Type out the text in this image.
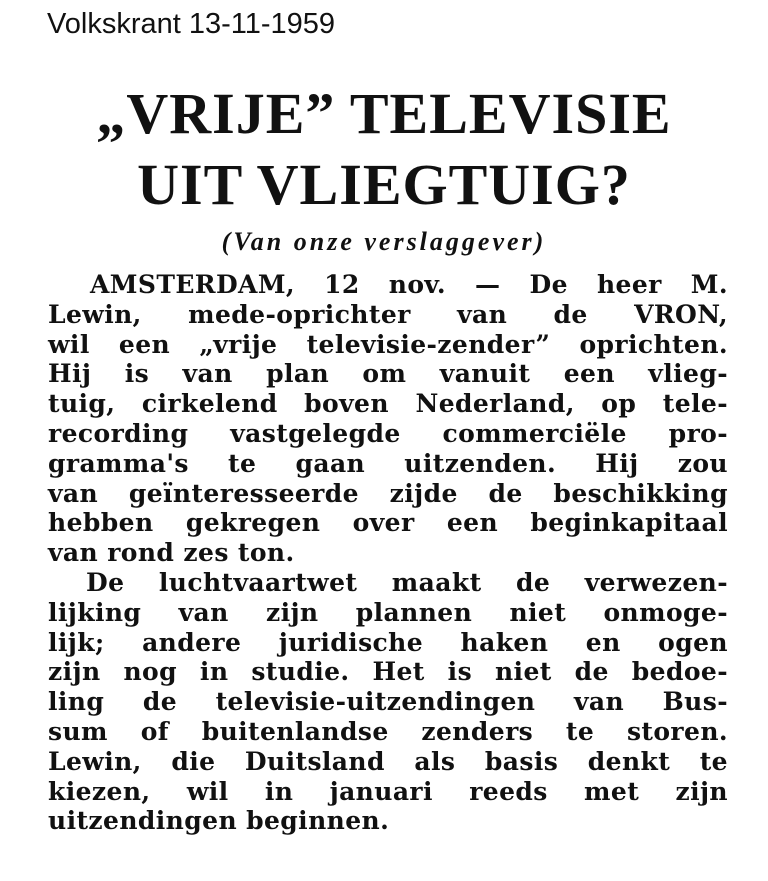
Volkskrant 13-11-1959
„VRIJE” TELEVISIE
UIT VLIEGTUIG?
(Van onze verslaggever)
AMSTERDAM, 12 nov. — De heer M.
Lewin, mede-oprichter van de VRON,
wil een „vrije televisie-zender” oprichten.
Hij is van plan om vanuit een vlieg-
tuig, cirkelend boven Nederland, op tele-
recording vastgelegde commerciële pro-
gramma's te gaan uitzenden. Hij zou
van geïnteresseerde zijde de beschikking
hebben gekregen over een beginkapitaal
van rond zes ton.
De luchtvaartwet maakt de verwezen-
lijking van zijn plannen niet onmoge-
lijk; andere juridische haken en ogen
zijn nog in studie. Het is niet de bedoe-
ling de televisie-uitzendingen van Bus-
sum of buitenlandse zenders te storen.
Lewin, die Duitsland als basis denkt te
kiezen, wil in januari reeds met zijn
uitzendingen beginnen.
